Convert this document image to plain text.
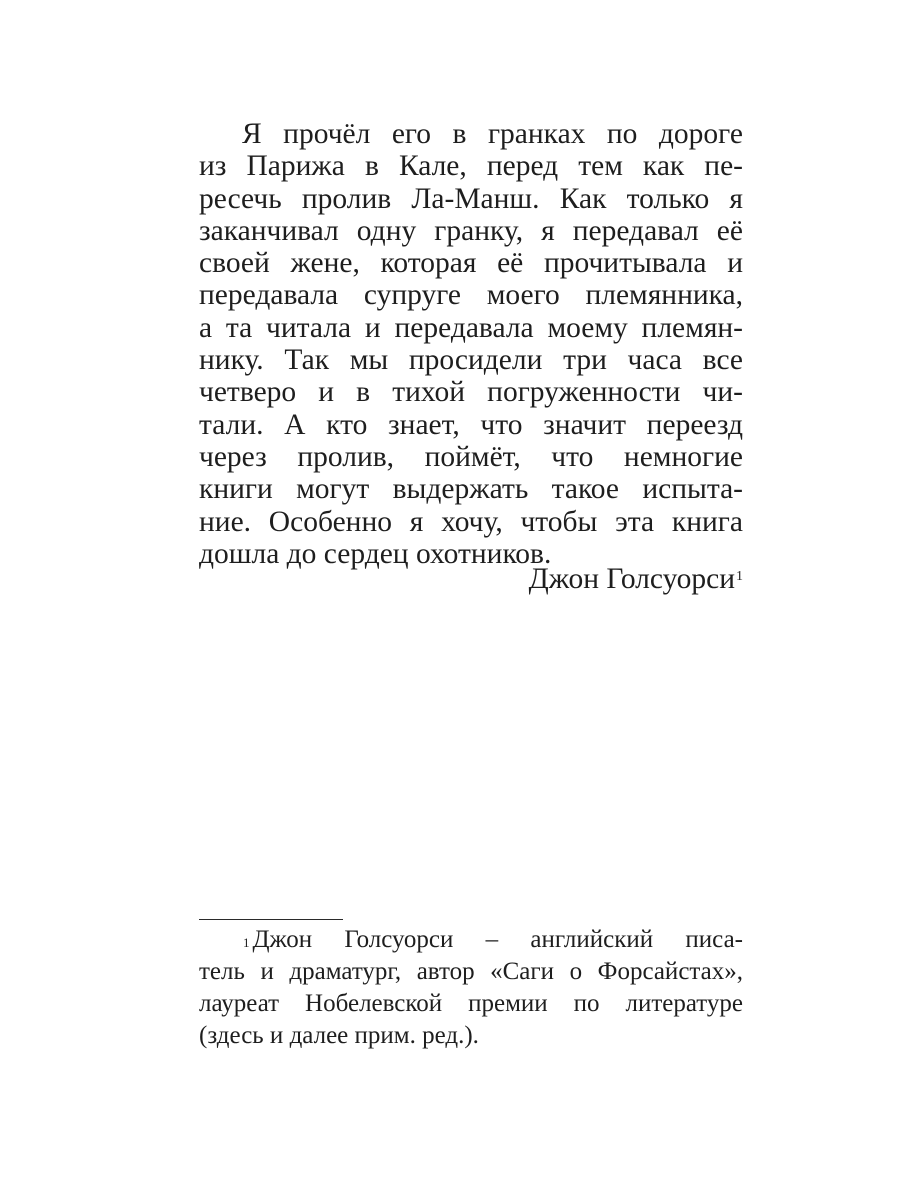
Я прочёл его в гранках по дороге
из Парижа в Кале, перед тем как пе-
ресечь пролив Ла-Манш. Как только я
заканчивал одну гранку, я передавал её
своей жене, которая её прочитывала и
передавала супруге моего племянника,
а та читала и передавала моему племян-
нику. Так мы просидели три часа все
четверо и в тихой погруженности чи-
тали. А кто знает, что значит переезд
через пролив, поймёт, что немногие
книги могут выдержать такое испыта-
ние. Особенно я хочу, чтобы эта книга
дошла до сердец охотников.
Джон Голсуорси$^1$
$^1$ Джон Голсуорси – английский писа-
тель и драматург, автор «Саги о Форсайстах»,
лауреат Нобелевской премии по литературе
(здесь и далее прим. ред.).
